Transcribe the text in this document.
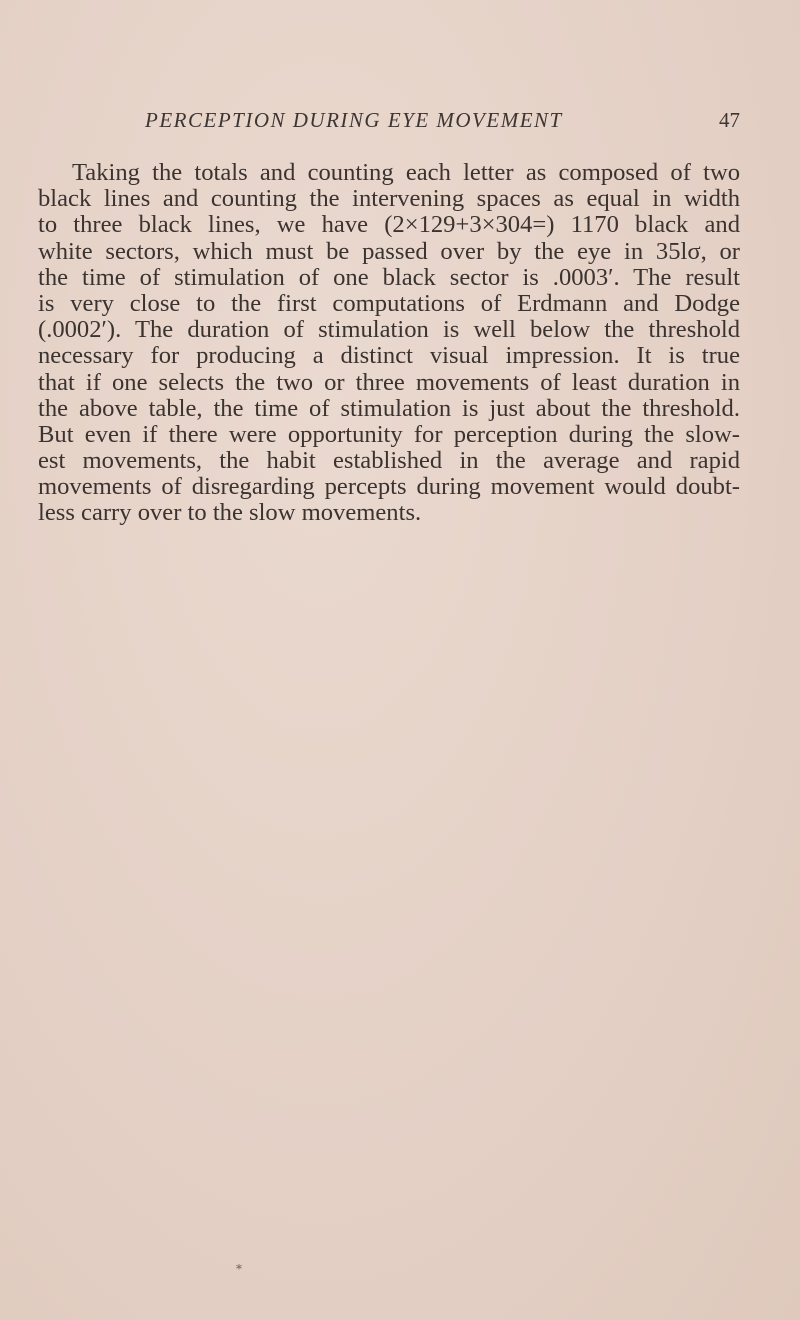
PERCEPTION DURING EYE MOVEMENT	47
Taking the totals and counting each letter as composed of two
black lines and counting the intervening spaces as equal in width
to three black lines, we have (2×129+3×304=) 1170 black and
white sectors, which must be passed over by the eye in 35lσ, or
the time of stimulation of one black sector is .0003′. The result
is very close to the first computations of Erdmann and Dodge
(.0002′). The duration of stimulation is well below the threshold
necessary for producing a distinct visual impression. It is true
that if one selects the two or three movements of least duration in
the above table, the time of stimulation is just about the threshold.
But even if there were opportunity for perception during the slow-
est movements, the habit established in the average and rapid
movements of disregarding percepts during movement would doubt-
less carry over to the slow movements.
*
